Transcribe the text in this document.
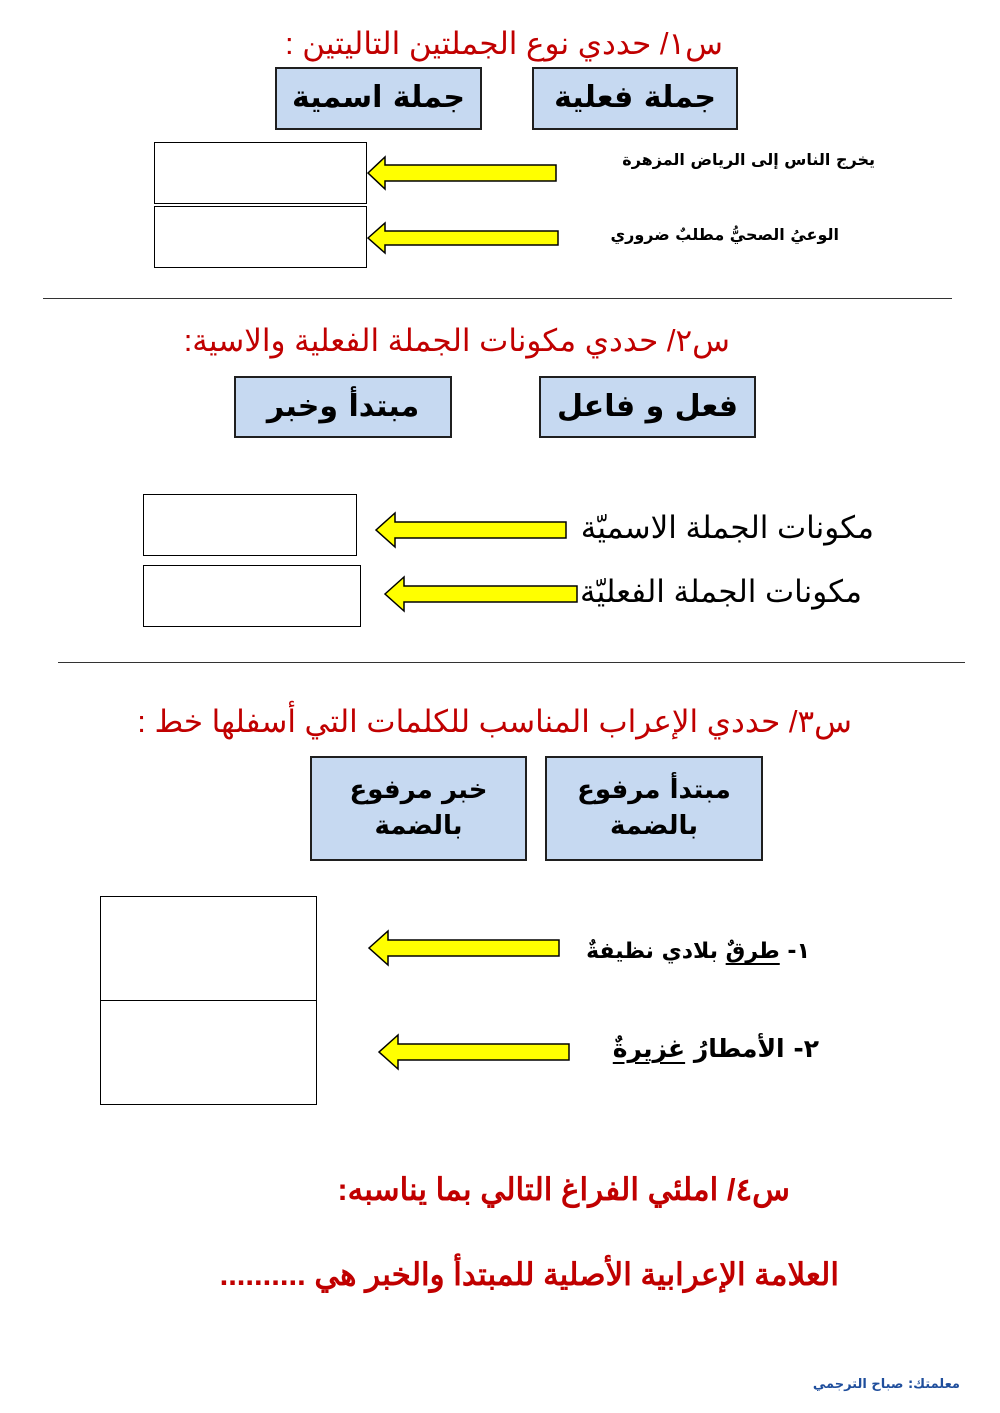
س١/ حددي نوع الجملتين التاليتين :
جملة فعلية
جملة اسمية
يخرج الناس إلى الرياض المزهرة
الوعيُ الصحيُّ مطلبٌ ضروري
س٢/ حددي مكونات الجملة الفعلية والاسية:
فعل و فاعل
مبتدأ وخبر
مكونات الجملة الاسميّة
مكونات الجملة الفعليّة
س٣/ حددي الإعراب المناسب للكلمات التي أسفلها خط :
مبتدأ مرفوع
بالضمة
خبر مرفوع
بالضمة
١- طرقٌ بلادي نظيفةٌ
٢- الأمطارُ غزيرةٌ
س٤/ املئي الفراغ التالي بما يناسبه:
العلامة الإعرابية الأصلية للمبتدأ والخبر هي ..........
معلمتك: صباح الترجمي
